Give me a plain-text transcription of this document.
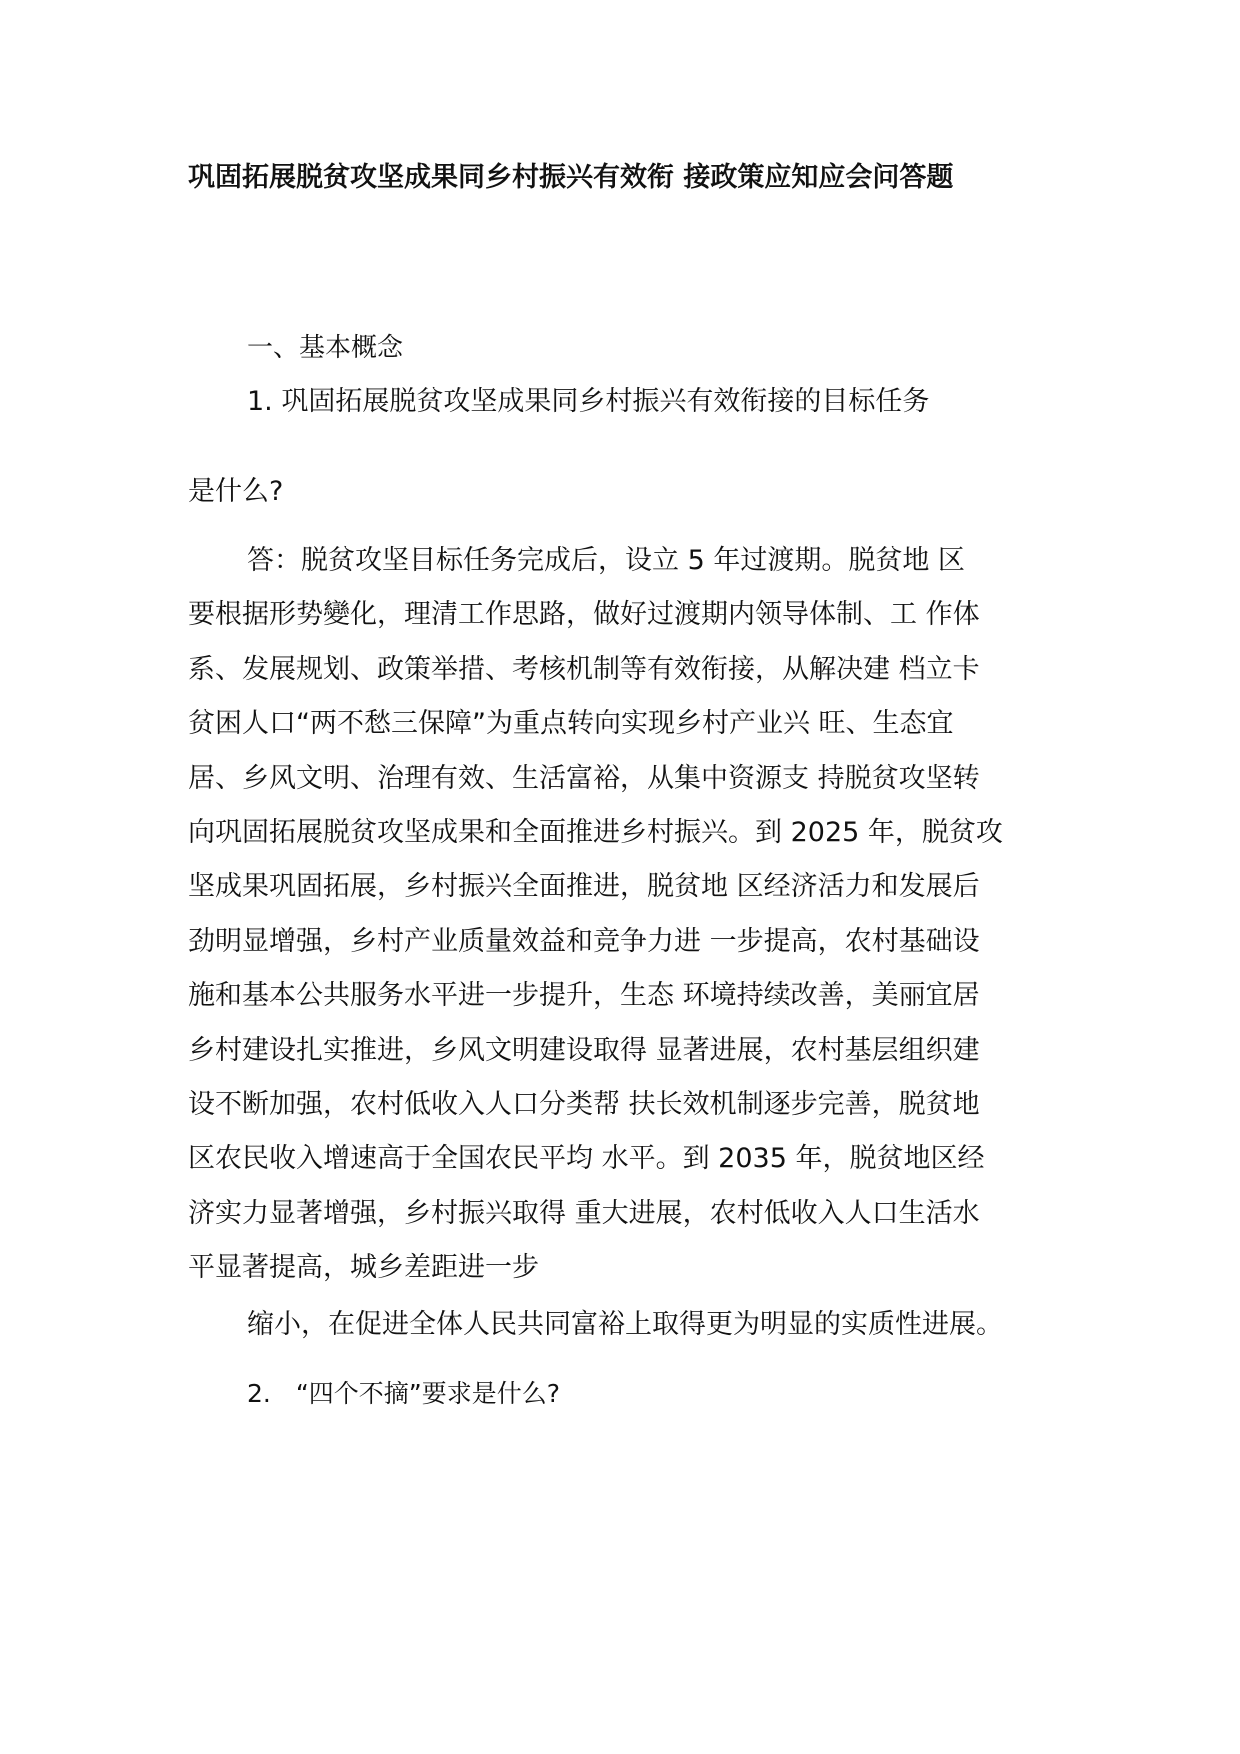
巩固拓展脱贫攻坚成果同乡村振兴有效衔 接政策应知应会问答题
一、基本概念
1. 巩固拓展脱贫攻坚成果同乡村振兴有效衔接的目标任务
是什么?
答：脱贫攻坚目标任务完成后，设立 5 年过渡期。脱贫地 区
要根据形势變化，理清工作思路，做好过渡期内领导体制、工 作体
系、发展规划、政策举措、考核机制等有效衔接，从解决建 档立卡
贫困人口“两不愁三保障”为重点转向实现乡村产业兴 旺、生态宜
居、乡风文明、治理有效、生活富裕，从集中资源支 持脱贫攻坚转
向巩固拓展脱贫攻坚成果和全面推进乡村振兴。到 2025 年，脱贫攻
坚成果巩固拓展，乡村振兴全面推进，脱贫地 区经济活力和发展后
劲明显增强，乡村产业质量效益和竞争力进 一步提高，农村基础设
施和基本公共服务水平进一步提升，生态 环境持续改善，美丽宜居
乡村建设扎实推进，乡风文明建设取得 显著进展，农村基层组织建
设不断加强，农村低收入人口分类帮 扶长效机制逐步完善，脱贫地
区农民收入增速高于全国农民平均 水平。到 2035 年，脱贫地区经
济实力显著增强，乡村振兴取得 重大进展，农村低收入人口生活水
平显著提高，城乡差距进一步
缩小，在促进全体人民共同富裕上取得更为明显的实质性进展。
2.　“四个不摘”要求是什么?
